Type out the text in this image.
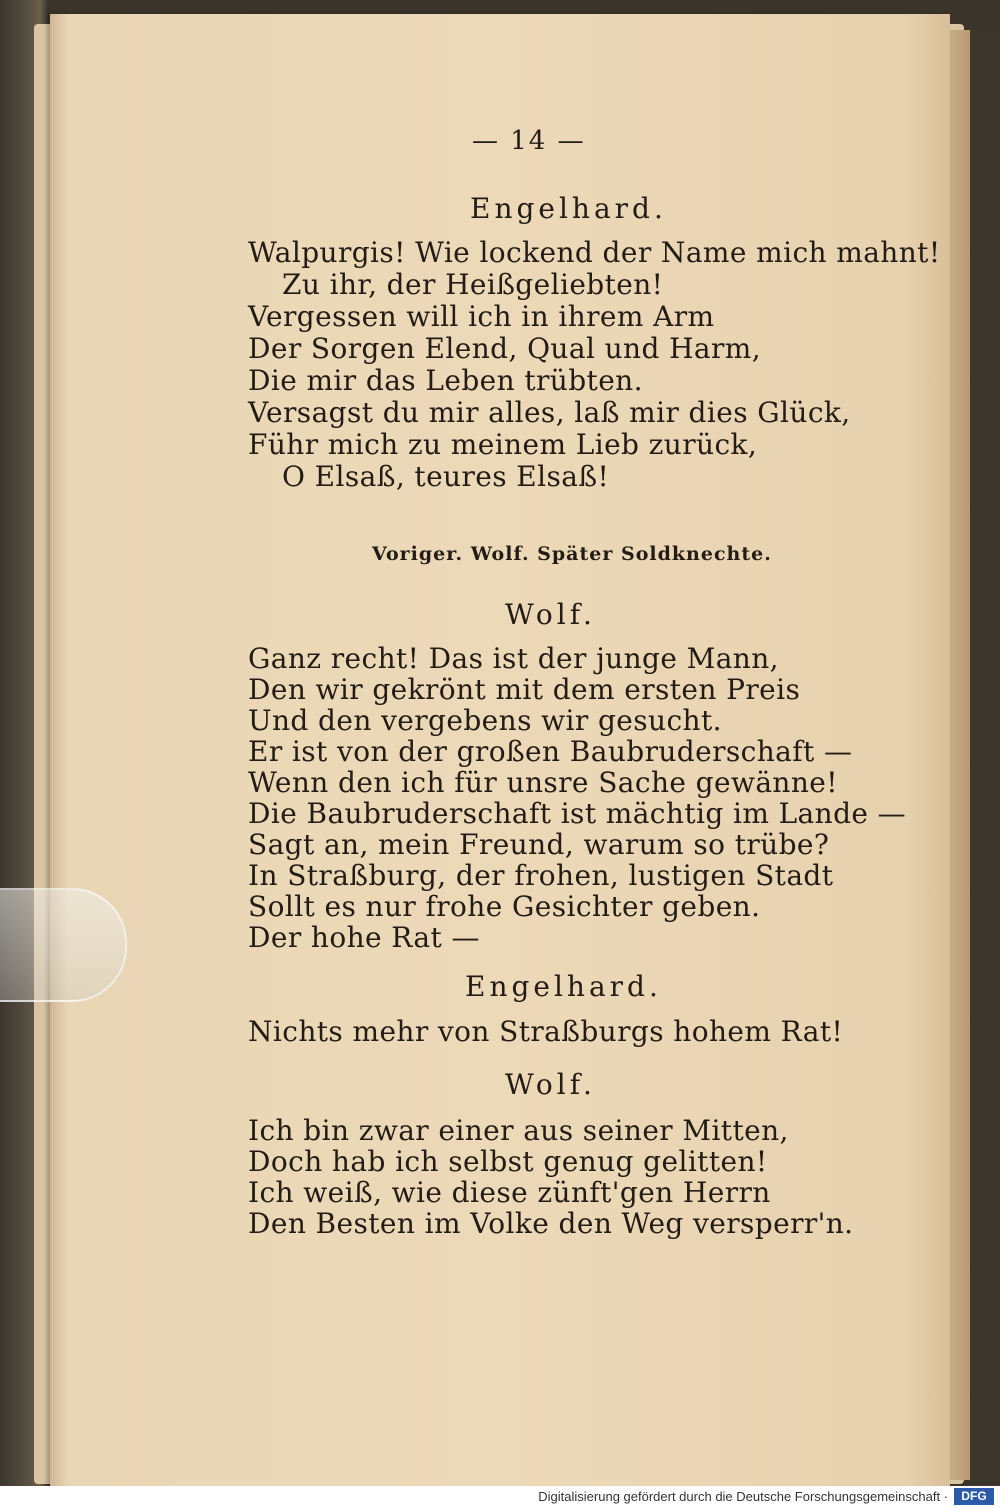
— 14 —
Engelhard.
Walpurgis! Wie lockend der Name mich mahnt!
Zu ihr, der Heißgeliebten!
Vergessen will ich in ihrem Arm
Der Sorgen Elend, Qual und Harm,
Die mir das Leben trübten.
Versagst du mir alles, laß mir dies Glück,
Führ mich zu meinem Lieb zurück,
O Elsaß, teures Elsaß!
Voriger. Wolf. Später Soldknechte.
Wolf.
Ganz recht! Das ist der junge Mann,
Den wir gekrönt mit dem ersten Preis
Und den vergebens wir gesucht.
Er ist von der großen Baubruderschaft —
Wenn den ich für unsre Sache gewänne!
Die Baubruderschaft ist mächtig im Lande —
Sagt an, mein Freund, warum so trübe?
In Straßburg, der frohen, lustigen Stadt
Sollt es nur frohe Gesichter geben.
Der hohe Rat —
Engelhard.
Nichts mehr von Straßburgs hohem Rat!
Wolf.
Ich bin zwar einer aus seiner Mitten,
Doch hab ich selbst genug gelitten!
Ich weiß, wie diese zünft'gen Herrn
Den Besten im Volke den Weg versperr'n.
Digitalisierung gefördert durch die Deutsche Forschungsgemeinschaft ·	DFG
